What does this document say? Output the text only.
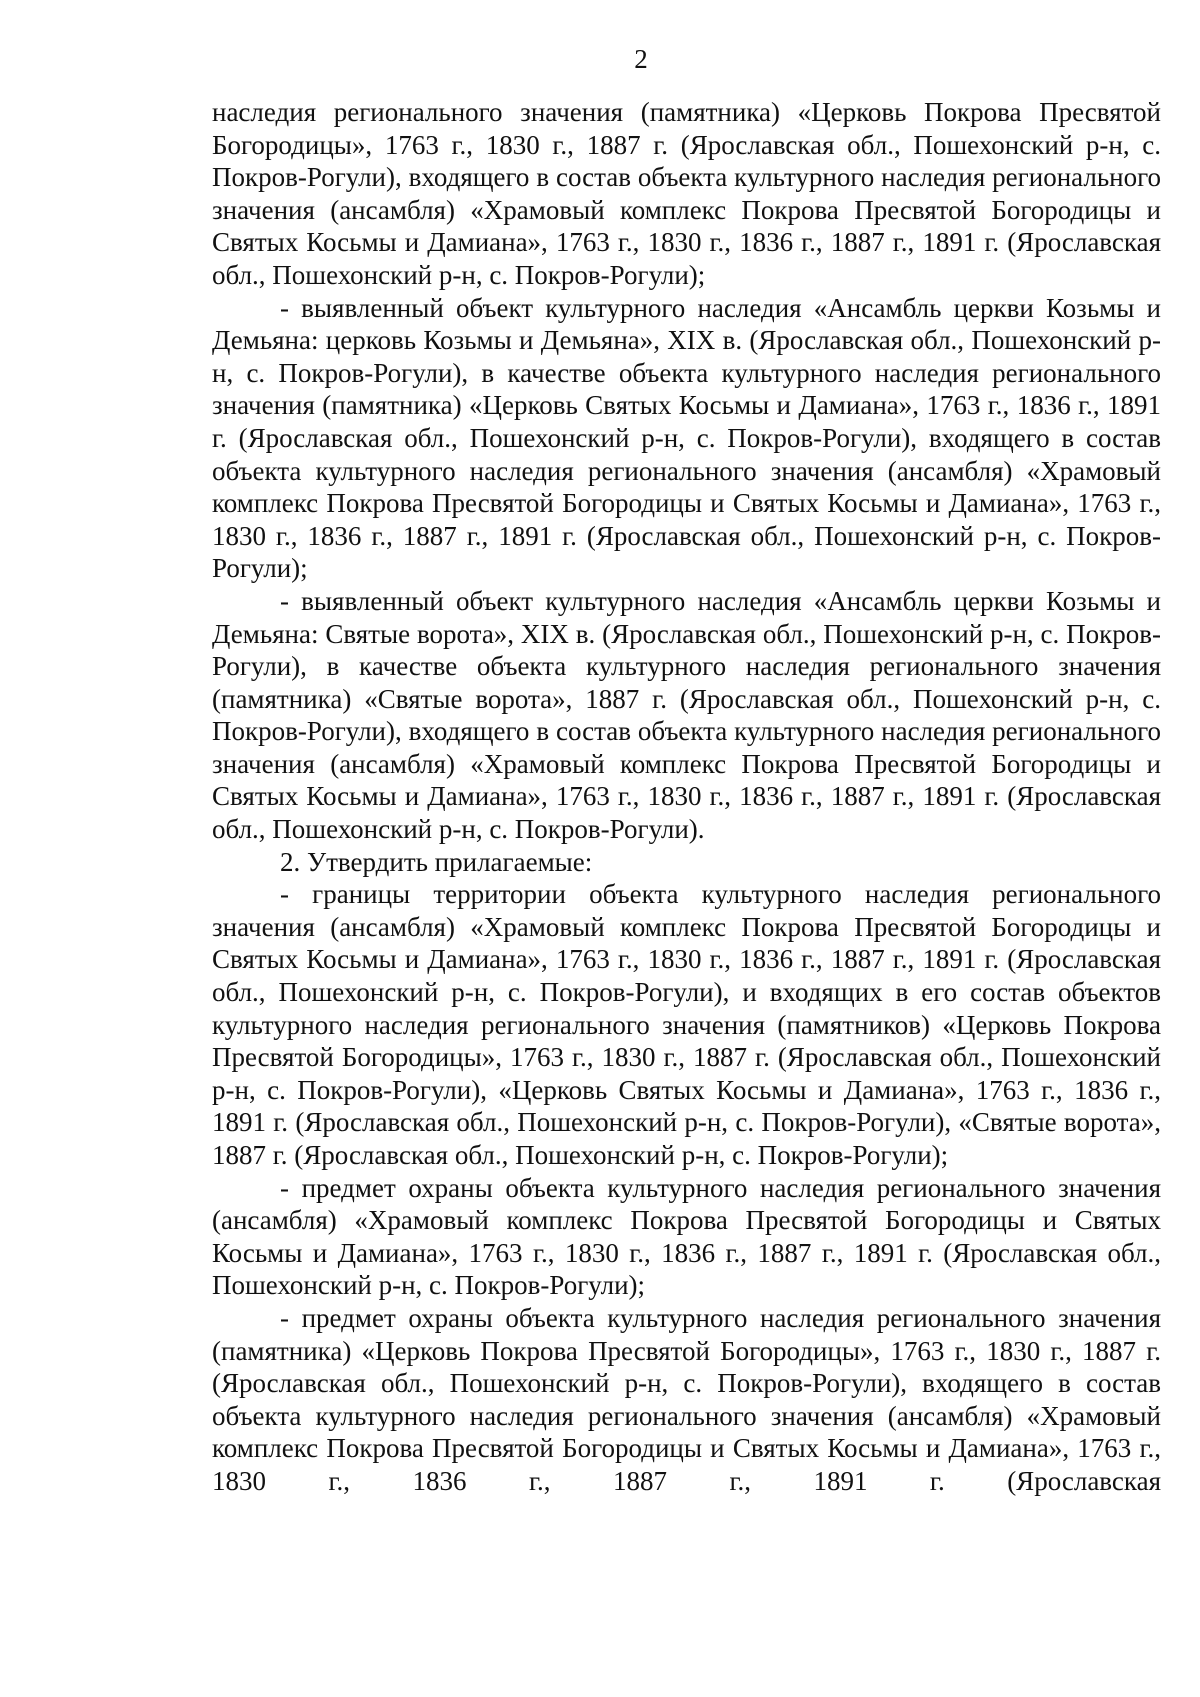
2

наследия регионального значения (памятника) «Церковь Покрова Пресвятой Богородицы», 1763 г., 1830 г., 1887 г. (Ярославская обл., Пошехонский р-н, с. Покров-Рогули), входящего в состав объекта культурного наследия регионального значения (ансамбля) «Храмовый комплекс Покрова Пресвятой Богородицы и Святых Косьмы и Дамиана», 1763 г., 1830 г., 1836 г., 1887 г., 1891 г. (Ярославская обл., Пошехонский р-н, с. Покров-Рогули);

- выявленный объект культурного наследия «Ансамбль церкви Козьмы и Демьяна: церковь Козьмы и Демьяна», XIX в. (Ярославская обл., Пошехонский р-н, с. Покров-Рогули), в качестве объекта культурного наследия регионального значения (памятника) «Церковь Святых Косьмы и Дамиана», 1763 г., 1836 г., 1891 г. (Ярославская обл., Пошехонский р-н, с. Покров-Рогули), входящего в состав объекта культурного наследия регионального значения (ансамбля) «Храмовый комплекс Покрова Пресвятой Богородицы и Святых Косьмы и Дамиана», 1763 г., 1830 г., 1836 г., 1887 г., 1891 г. (Ярославская обл., Пошехонский р-н, с. Покров-Рогули);

- выявленный объект культурного наследия «Ансамбль церкви Козьмы и Демьяна: Святые ворота», XIX в. (Ярославская обл., Пошехонский р-н, с. Покров-Рогули), в качестве объекта культурного наследия регионального значения (памятника) «Святые ворота», 1887 г. (Ярославская обл., Пошехонский р-н, с. Покров-Рогули), входящего в состав объекта культурного наследия регионального значения (ансамбля) «Храмовый комплекс Покрова Пресвятой Богородицы и Святых Косьмы и Дамиана», 1763 г., 1830 г., 1836 г., 1887 г., 1891 г. (Ярославская обл., Пошехонский р-н, с. Покров-Рогули).

2. Утвердить прилагаемые:

- границы территории объекта культурного наследия регионального значения (ансамбля) «Храмовый комплекс Покрова Пресвятой Богородицы и Святых Косьмы и Дамиана», 1763 г., 1830 г., 1836 г., 1887 г., 1891 г. (Ярославская обл., Пошехонский р-н, с. Покров-Рогули), и входящих в его состав объектов культурного наследия регионального значения (памятников) «Церковь Покрова Пресвятой Богородицы», 1763 г., 1830 г., 1887 г. (Ярославская обл., Пошехонский р-н, с. Покров-Рогули), «Церковь Святых Косьмы и Дамиана», 1763 г., 1836 г., 1891 г. (Ярославская обл., Пошехонский р-н, с. Покров-Рогули), «Святые ворота», 1887 г. (Ярославская обл., Пошехонский р-н, с. Покров-Рогули);

- предмет охраны объекта культурного наследия регионального значения (ансамбля) «Храмовый комплекс Покрова Пресвятой Богородицы и Святых Косьмы и Дамиана», 1763 г., 1830 г., 1836 г., 1887 г., 1891 г. (Ярославская обл., Пошехонский р-н, с. Покров-Рогули);

- предмет охраны объекта культурного наследия регионального значения (памятника) «Церковь Покрова Пресвятой Богородицы», 1763 г., 1830 г., 1887 г. (Ярославская обл., Пошехонский р-н, с. Покров-Рогули), входящего в состав объекта культурного наследия регионального значения (ансамбля) «Храмовый комплекс Покрова Пресвятой Богородицы и Святых Косьмы и Дамиана», 1763 г., 1830 г., 1836 г., 1887 г., 1891 г. (Ярославская
